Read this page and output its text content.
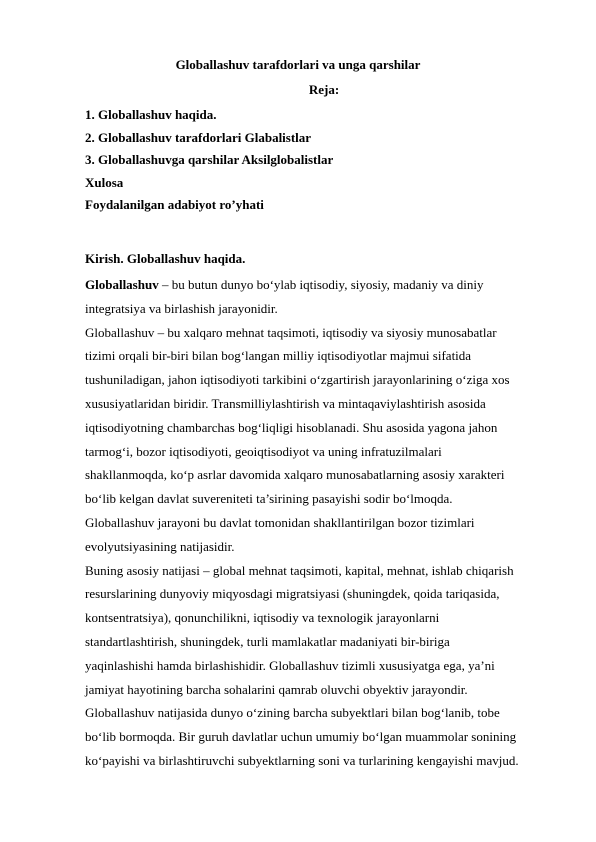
Globallashuv tarafdorlari va unga qarshilar
Reja:
1. Globallashuv haqida.
2. Globallashuv tarafdorlari Glabalistlar
3. Globallashuvga qarshilar Aksilglobalistlar
Xulosa
Foydalanilgan adabiyot ro’yhati
Kirish. Globallashuv haqida.
Globallashuv – bu butun dunyo bo‘ylab iqtisodiy, siyosiy, madaniy va diniy
integratsiya va birlashish jarayonidir.
Globallashuv – bu xalqaro mehnat taqsimoti, iqtisodiy va siyosiy munosabatlar
tizimi orqali bir-biri bilan bog‘langan milliy iqtisodiyotlar majmui sifatida
tushuniladigan, jahon iqtisodiyoti tarkibini o‘zgartirish jarayonlarining o‘ziga xos
xususiyatlaridan biridir. Transmilliylashtirish va mintaqaviylashtirish asosida
iqtisodiyotning chambarchas bog‘liqligi hisoblanadi. Shu asosida yagona jahon
tarmog‘i, bozor iqtisodiyoti, geoiqtisodiyot va uning infratuzilmalari
shakllanmoqda, ko‘p asrlar davomida xalqaro munosabatlarning asosiy xarakteri
bo‘lib kelgan davlat suvereniteti ta’sirining pasayishi sodir bo‘lmoqda.
Globallashuv jarayoni bu davlat tomonidan shakllantirilgan bozor tizimlari
evolyutsiyasining natijasidir.
Buning asosiy natijasi – global mehnat taqsimoti, kapital, mehnat, ishlab chiqarish
resurslarining dunyoviy miqyosdagi migratsiyasi (shuningdek, qoida tariqasida,
kontsentratsiya), qonunchilikni, iqtisodiy va texnologik jarayonlarni
standartlashtirish, shuningdek, turli mamlakatlar madaniyati bir-biriga
yaqinlashishi hamda birlashishidir. Globallashuv tizimli xususiyatga ega, ya’ni
jamiyat hayotining barcha sohalarini qamrab oluvchi obyektiv jarayondir.
Globallashuv natijasida dunyo o‘zining barcha subyektlari bilan bog‘lanib, tobe
bo‘lib bormoqda. Bir guruh davlatlar uchun umumiy bo‘lgan muammolar sonining
ko‘payishi va birlashtiruvchi subyektlarning soni va turlarining kengayishi mavjud.
